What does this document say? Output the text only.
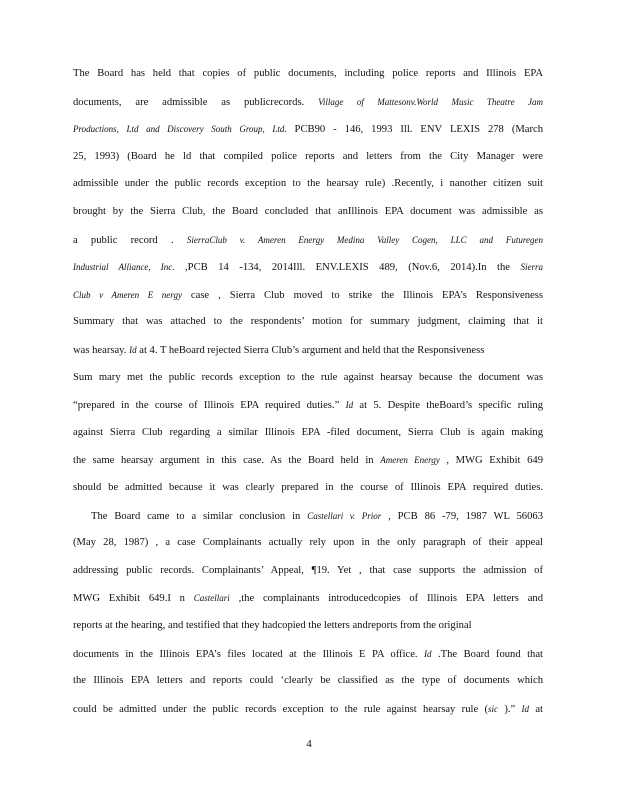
The Board has held that copies of public documents, including police reports and Illinois EPA
documents, are admissible as publicrecords. Village of Mattesonv.World Music Theatre Jam
Productions, Ltd and Discovery South Group, Ltd. PCB90 - 146, 1993 Ill. ENV LEXIS 278 (March
25, 1993) (Board he ld that compiled police reports and letters from the City Manager were
admissible under the public records exception to the hearsay rule) .Recently, i nanother citizen suit
brought by the Sierra Club, the Board concluded that anIllinois EPA document was admissible as
a public record . SierraClub v. Ameren Energy Medina Valley Cogen, LLC and Futuregen
Industrial Alliance, Inc. ,PCB 14 -134, 2014Ill. ENV.LEXIS 489, (Nov.6, 2014).In the Sierra
Club v Ameren E nergy case , Sierra Club moved to strike the Illinois EPA’s Responsiveness
Summary that was attached to the respondents’ motion for summary judgment, claiming that it
was hearsay. Id at 4. T heBoard rejected Sierra Club’s argument and held that the Responsiveness
Sum mary met the public records exception to the rule against hearsay because the document was
“prepared in the course of Illinois EPA required duties.” Id at 5. Despite theBoard’s specific ruling
against Sierra Club regarding a similar Illinois EPA -filed document, Sierra Club is again making
the same hearsay argument in this case. As the Board held in Ameren Energy , MWG Exhibit 649
should be admitted because it was clearly prepared in the course of Illinois EPA required duties.
The Board came to a similar conclusion in Castellari v. Prior , PCB 86 -79, 1987 WL 56063
(May 28, 1987) , a case Complainants actually rely upon in the only paragraph of their appeal
addressing public records. Complainants’ Appeal, ¶19. Yet , that case supports the admission of
MWG Exhibit 649.I n Castellari ,the complainants introducedcopies of Illinois EPA letters and
reports at the hearing, and testified that they hadcopied the letters andreports from the original
documents in the Illinois EPA’s files located at the Illinois E PA office. Id .The Board found that
the Illinois EPA letters and reports could ‘clearly be classified as the type of documents which
could be admitted under the public records exception to the rule against hearsay rule (sic ).” Id at
4
